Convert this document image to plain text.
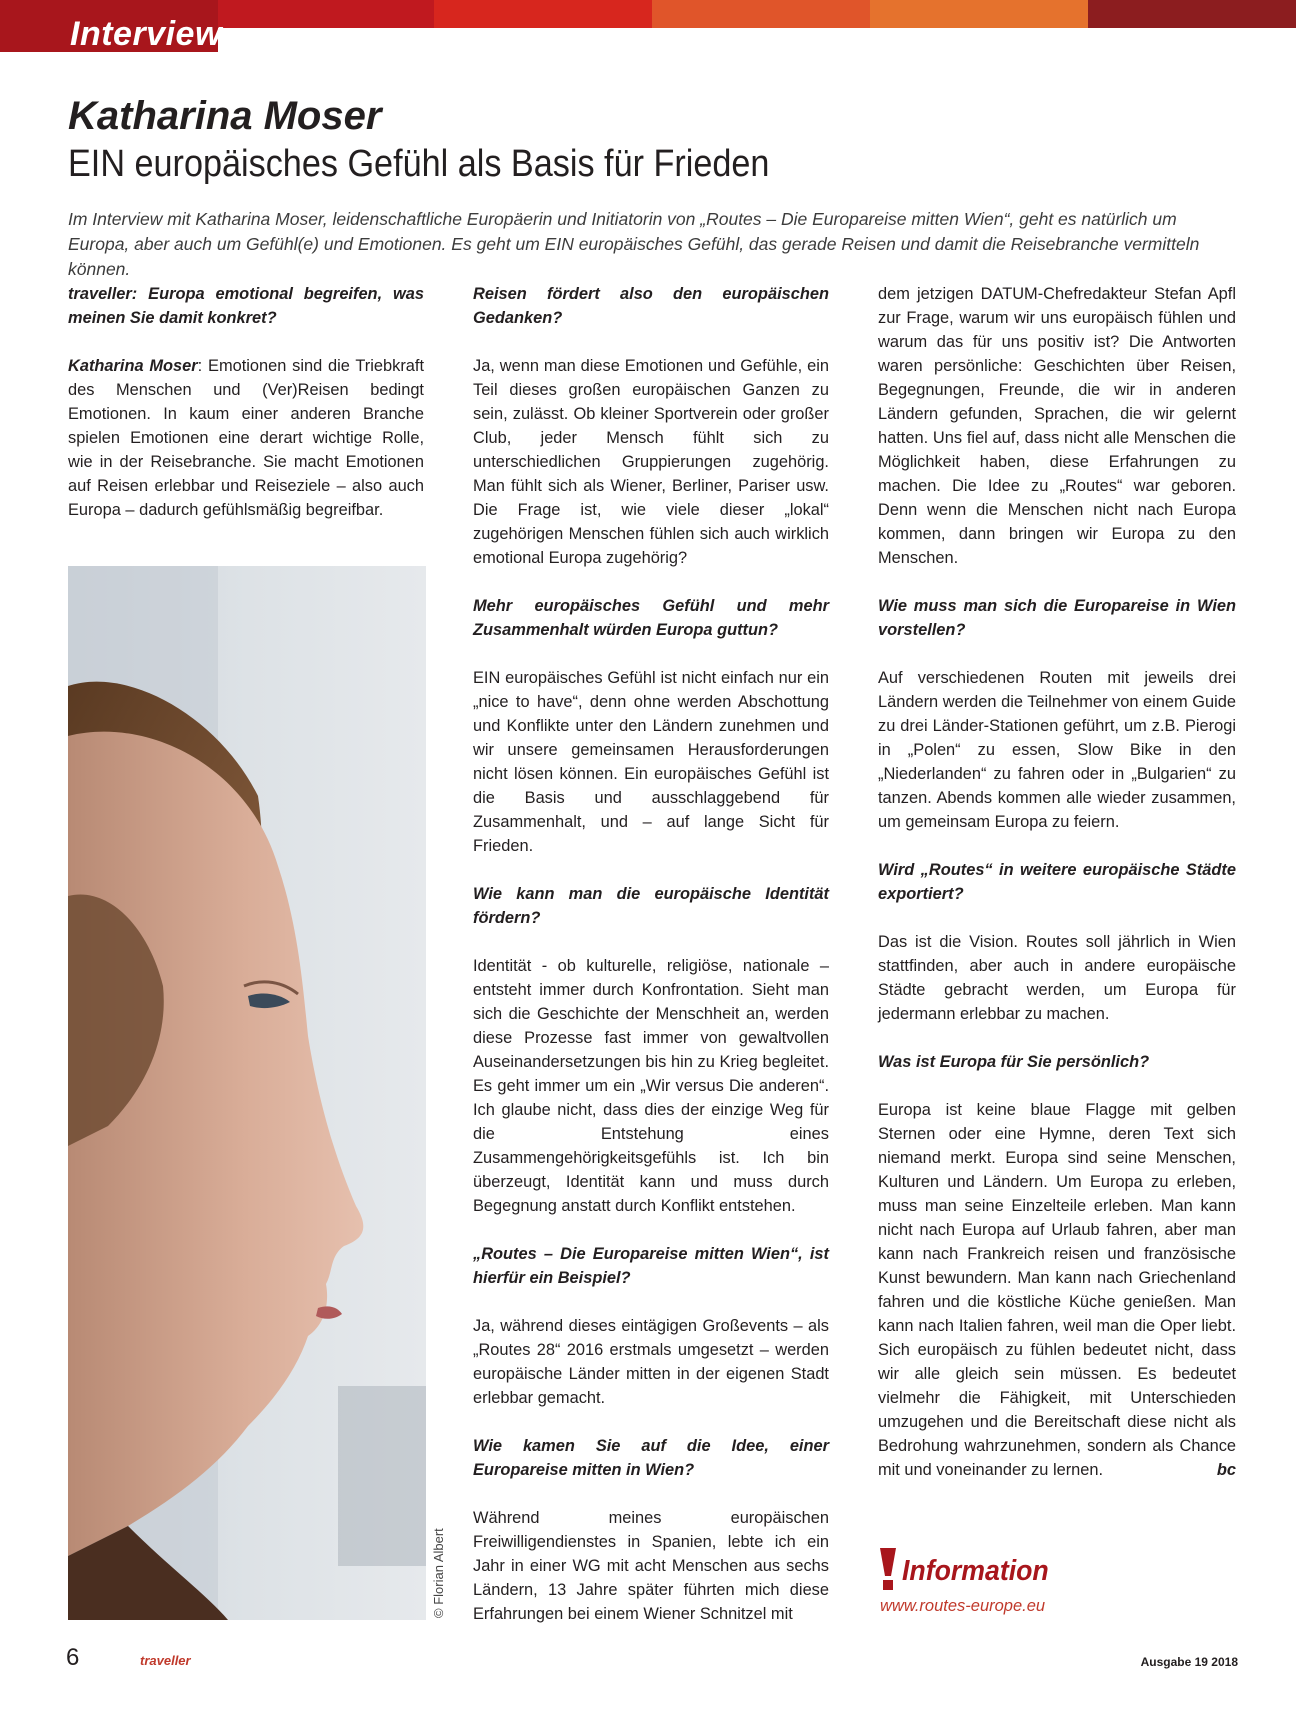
Interview
Katharina Moser
EIN europäisches Gefühl als Basis für Frieden

Im Interview mit Katharina Moser, leidenschaftliche Europäerin und Initiatorin von „Routes – Die Europareise mitten Wien“, geht es natürlich um Europa, aber auch um Gefühl(e) und Emotionen. Es geht um EIN europäisches Gefühl, das gerade Reisen und damit die Reisebranche vermitteln können.

traveller: Europa emotional begreifen, was meinen Sie damit konkret?

Katharina Moser: Emotionen sind die Triebkraft des Menschen und (Ver)Reisen bedingt Emotionen. In kaum einer anderen Branche spielen Emotionen eine derart wichtige Rolle, wie in der Reisebranche. Sie macht Emotionen auf Reisen erlebbar und Reiseziele – also auch Europa – dadurch gefühlsmäßig begreifbar.

© Florian Albert

Reisen fördert also den europäischen Gedanken?

Ja, wenn man diese Emotionen und Gefühle, ein Teil dieses großen europäischen Ganzen zu sein, zulässt. Ob kleiner Sportverein oder großer Club, jeder Mensch fühlt sich zu unterschiedlichen Gruppierungen zugehörig. Man fühlt sich als Wiener, Berliner, Pariser usw. Die Frage ist, wie viele dieser „lokal“ zugehörigen Menschen fühlen sich auch wirklich emotional Europa zugehörig?

Mehr europäisches Gefühl und mehr Zusammenhalt würden Europa guttun?

EIN europäisches Gefühl ist nicht einfach nur ein „nice to have“, denn ohne werden Abschottung und Konflikte unter den Ländern zunehmen und wir unsere gemeinsamen Herausforderungen nicht lösen können. Ein europäisches Gefühl ist die Basis und ausschlaggebend für Zusammenhalt, und – auf lange Sicht für Frieden.

Wie kann man die europäische Identität fördern?

Identität - ob kulturelle, religiöse, nationale – entsteht immer durch Konfrontation. Sieht man sich die Geschichte der Menschheit an, werden diese Prozesse fast immer von gewaltvollen Auseinandersetzungen bis hin zu Krieg begleitet. Es geht immer um ein „Wir versus Die anderen“. Ich glaube nicht, dass dies der einzige Weg für die Entstehung eines Zusammengehörigkeitsgefühls ist. Ich bin überzeugt, Identität kann und muss durch Begegnung anstatt durch Konflikt entstehen.

„Routes – Die Europareise mitten Wien“, ist hierfür ein Beispiel?

Ja, während dieses eintägigen Großevents – als „Routes 28“ 2016 erstmals umgesetzt – werden europäische Länder mitten in der eigenen Stadt erlebbar gemacht.

Wie kamen Sie auf die Idee, einer Europareise mitten in Wien?

Während meines europäischen Freiwilligendienstes in Spanien, lebte ich ein Jahr in einer WG mit acht Menschen aus sechs Ländern, 13 Jahre später führten mich diese Erfahrungen bei einem Wiener Schnitzel mit

dem jetzigen DATUM-Chefredakteur Stefan Apfl zur Frage, warum wir uns europäisch fühlen und warum das für uns positiv ist? Die Antworten waren persönliche: Geschichten über Reisen, Begegnungen, Freunde, die wir in anderen Ländern gefunden, Sprachen, die wir gelernt hatten. Uns fiel auf, dass nicht alle Menschen die Möglichkeit haben, diese Erfahrungen zu machen. Die Idee zu „Routes“ war geboren. Denn wenn die Menschen nicht nach Europa kommen, dann bringen wir Europa zu den Menschen.

Wie muss man sich die Europareise in Wien vorstellen?

Auf verschiedenen Routen mit jeweils drei Ländern werden die Teilnehmer von einem Guide zu drei Länder-Stationen geführt, um z.B. Pierogi in „Polen“ zu essen, Slow Bike in den „Niederlanden“ zu fahren oder in „Bulgarien“ zu tanzen. Abends kommen alle wieder zusammen, um gemeinsam Europa zu feiern.

Wird „Routes“ in weitere europäische Städte exportiert?

Das ist die Vision. Routes soll jährlich in Wien stattfinden, aber auch in andere europäische Städte gebracht werden, um Europa für jedermann erlebbar zu machen.

Was ist Europa für Sie persönlich?

Europa ist keine blaue Flagge mit gelben Sternen oder eine Hymne, deren Text sich niemand merkt. Europa sind seine Menschen, Kulturen und Ländern. Um Europa zu erleben, muss man seine Einzelteile erleben. Man kann nicht nach Europa auf Urlaub fahren, aber man kann nach Frankreich reisen und französische Kunst bewundern. Man kann nach Griechenland fahren und die köstliche Küche genießen. Man kann nach Italien fahren, weil man die Oper liebt. Sich europäisch zu fühlen bedeutet nicht, dass wir alle gleich sein müssen. Es bedeutet vielmehr die Fähigkeit, mit Unterschieden umzugehen und die Bereitschaft diese nicht als Bedrohung wahrzunehmen, sondern als Chance mit und voneinander zu lernen.	bc

Information
www.routes-europe.eu
6	traveller	Ausgabe 19 2018
